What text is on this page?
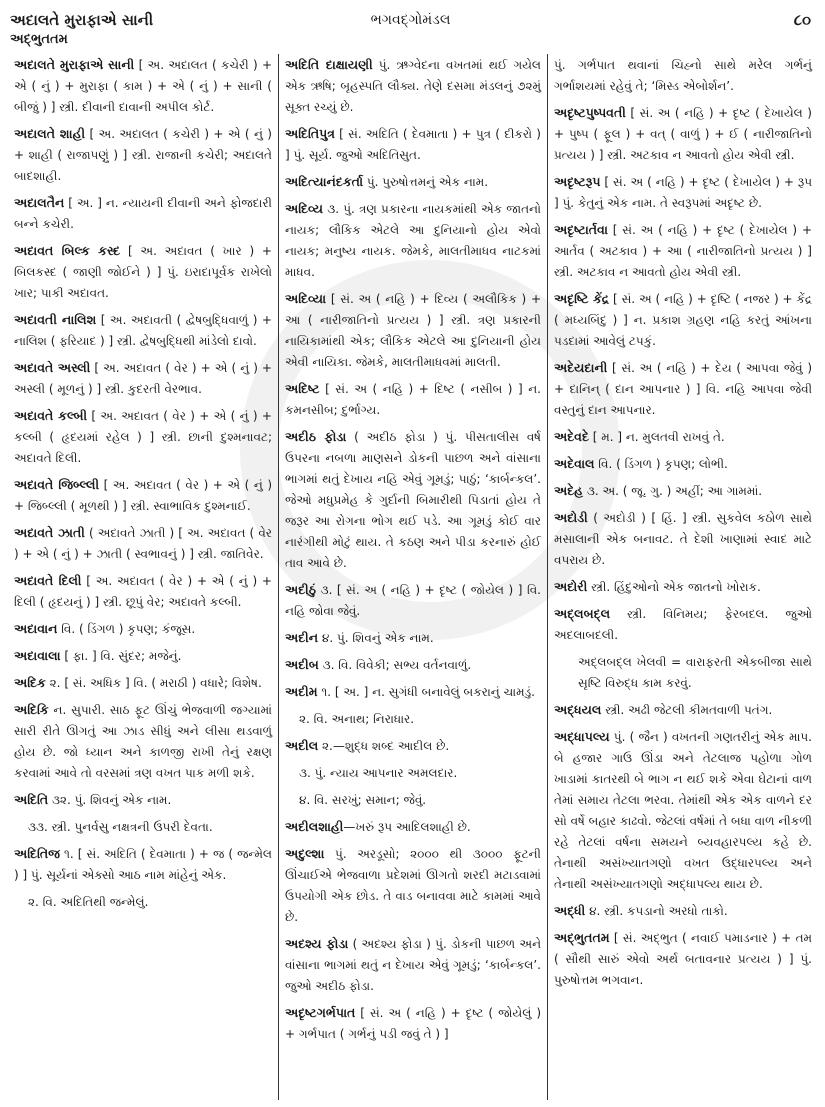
અદાલતે મુરાફાએ સાની	ભગવદ્ગોમંડલ	૮૦
અદ્ભુતતમ
અદાલતે મુરાફાએ સાની [ અ. અદાલત ( કચેરી ) + એ ( નું ) + મુરાફા ( કામ ) + એ ( નું ) + સાની ( બીજું ) ] સ્ત્રી. દીવાની દાવાની અપીલ કોર્ટ.
અદાલતે શાહી [ અ. અદાલત ( કચેરી ) + એ ( નું ) + શાહી ( રાજાપણું ) ] સ્ત્રી. રાજાની કચેરી; અદાલતે બાદશાહી.
અદાલતૈન [ અ. ] ન. ન્યાયની દીવાની અને ફોજદારી બન્ને કચેરી.
અદાવત બિલ્ક કસ્દ [ અ. અદાવત ( ખાર ) + બિલકસ્દ ( જાણી જોઈને ) ] પું. ઇરાદાપૂર્વક રાખેલો ખાર; પાકી અદાવત.
અદાવતી નાલિશ [ અ. અદાવતી ( દ્વેષબુદ્ધિવાળું ) + નાલિશ ( ફરિયાદ ) ] સ્ત્રી. દ્વેષબુદ્ધિથી માંડેલો દાવો.
અદાવતે અસ્લી [ અ. અદાવત ( વેર ) + એ ( નું ) + અસ્લી ( મૂળનું ) ] સ્ત્રી. કુદરતી વેરભાવ.
અદાવતે કલ્બી [ અ. અદાવત ( વેર ) + એ ( નું ) + કલ્બી ( હૃદયમાં રહેલ ) ] સ્ત્રી. છાની દુશ્મનાવટ; અદાવતે દિલી.
અદાવતે જિબ્લ્લી [ અ. અદાવત ( વેર ) + એ ( નું ) + જિબ્લ્લી ( મૂળથી ) ] સ્ત્રી. સ્વાભાવિક દુશ્મનાઈ.
અદાવતે ઝાતી ( અદાવતે ઝાતી ) [ અ. અદાવત ( વેર ) + એ ( નું ) + ઝાતી ( સ્વભાવનું ) ] સ્ત્રી. જાતિવેર.
અદાવતે દિલી [ અ. અદાવત ( વેર ) + એ ( નું ) + દિલી ( હૃદયનું ) ] સ્ત્રી. છૂપું વેર; અદાવતે કલ્બી.
અદાવાન વિ. ( ડિંગળ ) કૃપણ; કંજૂસ.
અદાવાલા [ ફા. ] વિ. સુંદર; મજેનું.
અદિક ૨. [ સં. અધિક ] વિ. ( મરાઠી ) વધારે; વિશેષ.
અદિકિ ન. સુપારી. સાઠ ફૂટ ઊંચું ભેજવાળી જગ્યામાં સારી રીતે ઊગતું આ ઝાડ સીધું અને લીસા થડવાળું હોય છે. જો ધ્યાન અને કાળજી રાખી તેનું રક્ષણ કરવામાં આવે તો વરસમાં ત્રણ વખત પાક મળી શકે.
અદિતિ ૩૨. પું. શિવનું એક નામ.
૩૩. સ્ત્રી. પુનર્વસુ નક્ષત્રની ઉપરી દેવતા.
અદિતિજ ૧. [ સં. અદિતિ ( દેવમાતા ) + જ ( જન્મેલ ) ] પું. સૂર્યનાં એક્સો આઠ નામ માંહેનું એક.
૨. વિ. અદિતિથી જન્મેલું.
અદિતિ દાક્ષાયણી પું. ઋગ્વેદના વખતમાં થઈ ગયેલ એક ઋષિ; બૃહસ્પતિ લૌક્ય. તેણે દસમા મંડલનું ૭૨મું સૂક્ત રચ્યું છે.
અદિતિપુત્ર [ સં. અદિતિ ( દેવમાતા ) + પુત્ર ( દીકરો ) ] પું. સૂર્ય. જુઓ અદિતિસુત.
અદિત્યાનંદકર્તા પું. પુરુષોત્તમનું એક નામ.
અદિવ્ય ૩. પું. ત્રણ પ્રકારના નાયકમાંથી એક જાતનો નાયક; લૌકિક એટલે આ દુનિયાનો હોય એવો નાયક; મનુષ્ય નાયક. જેમકે, માલતીમાધવ નાટકમાં માધવ.
અદિવ્યા [ સં. અ ( નહિ ) + દિવ્ય ( અલૌકિક ) + આ ( નારીજાતિનો પ્રત્યય ) ] સ્ત્રી. ત્રણ પ્રકારની નાયિકામાંથી એક; લૌકિક એટલે આ દુનિયાની હોય એવી નાયિકા. જેમકે, માલતીમાધવમાં માલતી.
અદિષ્ટ [ સં. અ ( નહિ ) + દિષ્ટ ( નસીબ ) ] ન. કમનસીબ; દુર્ભાગ્ય.
અદીઠ ફોડા ( અદીઠ ફોડા ) પું. પીસતાલીસ વર્ષ ઉપરના નબળા માણસને ડોકની પાછળ અને વાંસાના ભાગમાં થતું દેખાય નહિ એવું ગૂમડું; પાઠું; ‘કાર્બન્કલ’. જેઓ મધુપ્રમેહ કે ગુર્દાની બિમારીથી પિડાતાં હોય તે જરૂર આ રોગના ભોગ થઈ પડે. આ ગૂમડું કોઈ વાર નારંગીથી મોટું થાય. તે કઠણ અને પીડા કરનારું હોઈ તાવ આવે છે.
અદીઠું ૩. [ સં. અ ( નહિ ) + દૃષ્ટ ( જોયેલ ) ] વિ. નહિ જોવા જેવું.
અદીન ૪. પું. શિવનું એક નામ.
અદીબ ૩. વિ. વિવેકી; સભ્ય વર્તનવાળું.
અદીમ ૧. [ અ. ] ન. સુગંધી બનાવેલું બકરાનું ચામડું.
૨. વિ. અનાથ; નિરાધાર.
અદીલ ૨.—શુદ્ધ શબ્દ આદીલ છે.
૩. પું. ન્યાય આપનાર અમલદાર.
૪. વિ. સરખું; સમાન; જેવું.
અદીલશાહી—ખરું રૂપ આદિલશાહી છે.
અદુલ્શા પું. અરડૂસો; ૨૦૦૦ થી ૩૦૦૦ ફૂટની ઊંચાઈએ ભેજવાળા પ્રદેશમાં ઊગતો શરદી મટાડવામાં ઉપયોગી એક છોડ. તે વાડ બનાવવા માટે કામમાં આવે છે.
અદશ્ય ફોડા ( અદશ્ય ફોડા ) પું. ડોકની પાછળ અને વાંસાના ભાગમાં થતું ન દેખાય એવું ગૂમડું; ‘કાર્બન્કલ’. જુઓ અદીઠ ફોડા.
અદૃષ્ટગર્ભપાત [ સં. અ ( નહિ ) + દૃષ્ટ ( જોયેલું ) + ગર્ભપાત ( ગર્ભનું પડી જવું તે ) ]
પું. ગર્ભપાત થવાનાં ચિહ્નો સાથે મરેલ ગર્ભનું ગર્ભાશયમાં રહેવું તે; ‘મિસ્ડ એબોર્શન’.
અદૃષ્ટપુષ્પવતી [ સં. અ ( નહિ ) + દૃષ્ટ ( દેખાયેલ ) + પુષ્પ ( ફૂલ ) + વત્ ( વાળું ) + ઈ ( નારીજાતિનો પ્રત્યય ) ] સ્ત્રી. અટકાવ ન આવતો હોય એવી સ્ત્રી.
અદૃષ્ટરૂપ [ સં. અ ( નહિ ) + દૃષ્ટ ( દેખાયેલ ) + રૂપ ] પું. કેતુનું એક નામ. તે સ્વરૂપમાં અદૃષ્ટ છે.
અદૃષ્ટાર્તવા [ સં. અ ( નહિ ) + દૃષ્ટ ( દેખાયેલ ) + આર્તવ ( અટકાવ ) + આ ( નારીજાતિનો પ્રત્યય ) ] સ્ત્રી. અટકાવ ન આવતો હોય એવી સ્ત્રી.
અદૃષ્ટિ કેંદ્ર [ સં. અ ( નહિ ) + દૃષ્ટિ ( નજર ) + કેંદ્ર ( મધ્યબિંદુ ) ] ન. પ્રકાશ ગ્રહણ નહિ કરતું આંખના પડદામાં આવેલું ટપકું.
અદેયદાની [ સં. અ ( નહિ ) + દેય ( આપવા જેવું ) + દાનિન્ ( દાન આપનાર ) ] વિ. નહિ આપવા જેવી વસ્તુનું દાન આપનાર.
અદેવદે [ મ. ] ન. મુલતવી રાખવું તે.
અદેવાલ વિ. ( ડિંગળ ) કૃપણ; લોભી.
અદેહ ૩. અ. ( જૂ. ગુ. ) અહીં; આ ગામમાં.
અદોડી ( અદોડી ) [ હિં. ] સ્ત્રી. સુકવેલ કઠોળ સાથે મસાલાની એક બનાવટ. તે દેશી ખાણામાં સ્વાદ માટે વપરાય છે.
અદોરી સ્ત્રી. હિંદુઓનો એક જાતનો ખોરાક.
અદ્લબદ્લ સ્ત્રી. વિનિમય; ફેરબદલ. જુઓ અદલાબદલી.
અદ્લબદ્લ ખેલવી = વારાફરતી એકબીજા સાથે સૃષ્ટિ વિરુદ્ધ કામ કરવું.
અદ્ધયલ સ્ત્રી. અઢી જેટલી કીમતવાળી પતંગ.
અદ્ધાપલ્ય પું. ( જૈન ) વખતની ગણતરીનું એક માપ. બે હજાર ગાઉ ઊંડા અને તેટલાજ પહોળા ગોળ ખાડામાં કાતરથી બે ભાગ ન થઈ શકે એવા ઘેટાનાં વાળ તેમાં સમાય તેટલા ભરવા. તેમાંથી એક એક વાળને દર સો વર્ષે બહાર કાઢવો. જેટલાં વર્ષમાં તે બધા વાળ નીકળી રહે તેટલાં વર્ષના સમયને બ્યવહારપલ્ય કહે છે. તેનાથી અસંખ્યાતગણો વખત ઉદ્ધારપલ્ય અને તેનાથી અસંખ્યાતગણો અદ્ધાપલ્ય થાય છે.
અદ્ધી ૪. સ્ત્રી. કપડાનો અરધો તાકો.
અદ્ભુતતમ [ સં. અદ્ભુત ( નવાઈ પમાડનાર ) + તમ ( સૌથી સારું એવો અર્થ બતાવનાર પ્રત્યય ) ] પું. પુરુષોત્તમ ભગવાન.
